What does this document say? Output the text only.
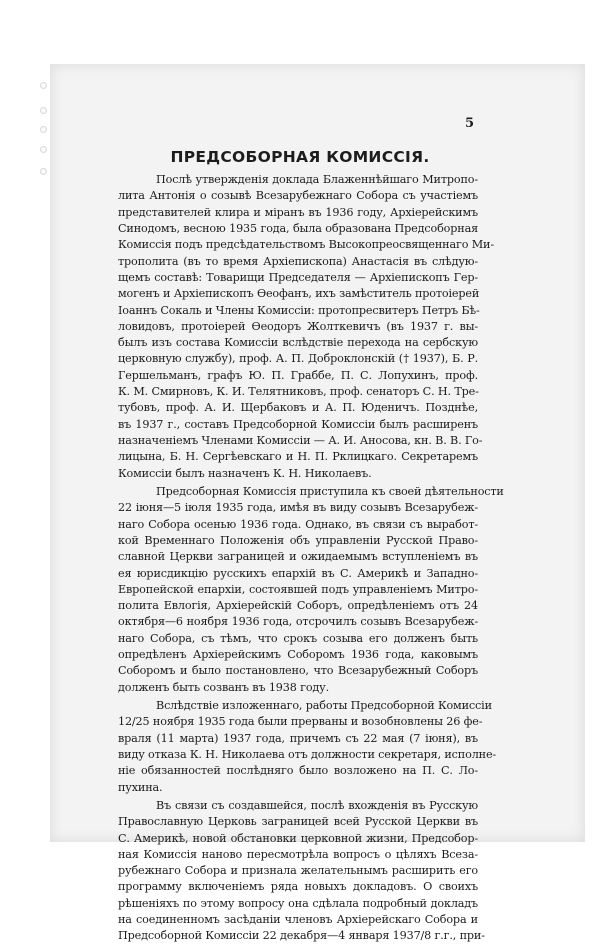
5
ПРЕДСОБОРНАЯ КОМИССІЯ.
Послѣ утвержденія доклада Блаженнѣйшаго Митропо-
лита Антонія о созывѣ Всезарубежнаго Собора съ участіемъ
представителей клира и міранъ въ 1936 году, Архіерейскимъ
Синодомъ, весною 1935 года, была образована Предсоборная
Комиссія подъ предсѣдательствомъ Высокопреосвященнаго Ми-
трополита (въ то время Архіепископа) Анастасія въ слѣдую-
щемъ составѣ: Товарищи Председателя — Архіепископъ Гер-
могенъ и Архіепископъ Өеофанъ, ихъ замѣститель протоіерей
Іоаннъ Сокаль и Члены Комиссіи: протопресвитеръ Петръ Бѣ-
ловидовъ, протоіерей Өеодоръ Жолткевичъ (въ 1937 г. вы-
былъ изъ состава Комиссіи вслѣдствіе перехода на сербскую
церковную службу), проф. А. П. Доброклонскій († 1937), Б. Р.
Гершельманъ, графъ Ю. П. Граббе, П. С. Лопухинъ, проф.
К. М. Смирновъ, К. И. Телятниковъ, проф. сенаторъ С. Н. Тре-
тубовъ, проф. А. И. Щербаковъ и А. П. Юденичъ. Позднѣе,
въ 1937 г., составъ Предсоборной Комиссіи былъ расширенъ
назначеніемъ Членами Комиссіи — А. И. Аносова, кн. В. В. Го-
лицына, Б. Н. Сергѣевскаго и Н. П. Рклицкаго. Секретаремъ
Комиссіи былъ назначенъ К. Н. Николаевъ.
Предсоборная Комиссія приступила къ своей дѣятельности
22 іюня—5 іюля 1935 года, имѣя въ виду созывъ Всезарубеж-
наго Собора осенью 1936 года. Однако, въ связи съ выработ-
кой Временнаго Положенія объ управленіи Русской Право-
славной Церкви заграницей и ожидаемымъ вступленіемъ въ
ея юрисдикцію русскихъ епархій въ С. Америкѣ и Западно-
Европейской епархіи, состоявшей подъ управленіемъ Митро-
полита Евлогія, Архіерейскій Соборъ, опредѣленіемъ отъ 24
октября—6 ноября 1936 года, отсрочилъ созывъ Всезарубеж-
наго Собора, съ тѣмъ, что срокъ созыва его долженъ быть
опредѣленъ Архіерейскимъ Соборомъ 1936 года, каковымъ
Соборомъ и было постановлено, что Всезарубежный Соборъ
долженъ быть созванъ въ 1938 году.
Вслѣдствіе изложеннаго, работы Предсоборной Комиссіи
12/25 ноября 1935 года были прерваны и возобновлены 26 фе-
враля (11 марта) 1937 года, причемъ съ 22 мая (7 іюня), въ
виду отказа К. Н. Николаева отъ должности секретаря, исполне-
ніе обязанностей послѣдняго было возложено на П. С. Ло-
пухина.
Въ связи съ создавшейся, послѣ вхожденія въ Русскую
Православную Церковь заграницей всей Русской Церкви въ
С. Америкѣ, новой обстановки церковной жизни, Предсобор-
ная Комиссія наново пересмотрѣла вопросъ о цѣляхъ Всеза-
рубежнаго Собора и признала желательнымъ расширить его
программу включеніемъ ряда новыхъ докладовъ. О своихъ
рѣшеніяхъ по этому вопросу она сдѣлала подробный докладъ
на соединенномъ засѣданіи членовъ Архіерейскаго Собора и
Предсоборной Комиссіи 22 декабря—4 января 1937/8 г.г., при-
